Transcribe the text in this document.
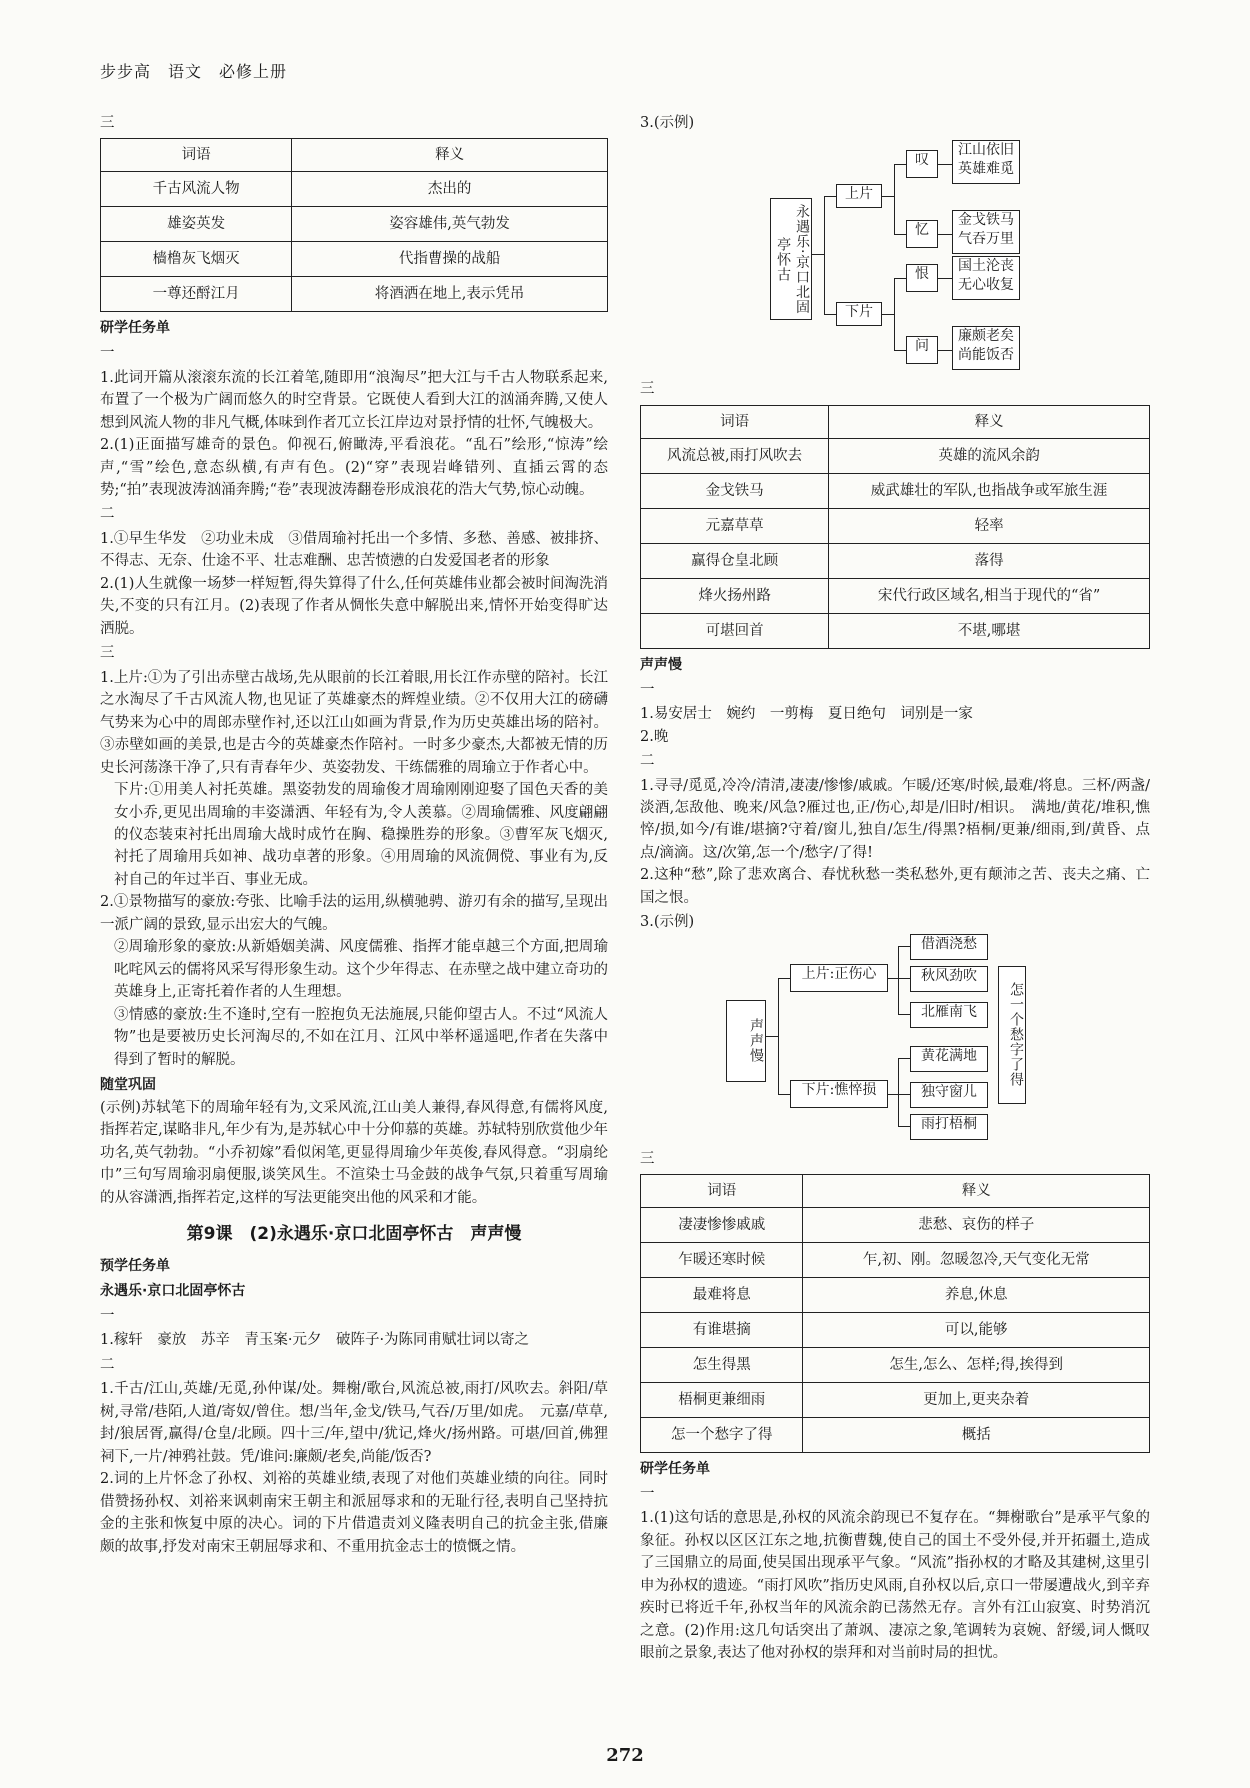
步步高　语文　必修上册
三
词语	释义
千古风流人物	杰出的
雄姿英发	姿容雄伟,英气勃发
樯橹灰飞烟灭	代指曹操的战船
一尊还酹江月	将酒洒在地上,表示凭吊
研学任务单
一

1.此词开篇从滚滚东流的长江着笔,随即用“浪淘尽”把大江与千古人物联系起来,布置了一个极为广阔而悠久的时空背景。它既使人看到大江的汹涌奔腾,又使人想到风流人物的非凡气概,体味到作者兀立长江岸边对景抒情的壮怀,气魄极大。

2.(1)正面描写雄奇的景色。仰视石,俯瞰涛,平看浪花。“乱石”绘形,“惊涛”绘声,“雪”绘色,意态纵横,有声有色。(2)“穿”表现岩峰错列、直插云霄的态势;“拍”表现波涛汹涌奔腾;“卷”表现波涛翻卷形成浪花的浩大气势,惊心动魄。

二

1.①早生华发　②功业未成　③借周瑜衬托出一个多情、多愁、善感、被排挤、不得志、无奈、仕途不平、壮志难酬、忠苦愤懑的白发爱国老者的形象

2.(1)人生就像一场梦一样短暂,得失算得了什么,任何英雄伟业都会被时间淘洗消失,不变的只有江月。(2)表现了作者从惆怅失意中解脱出来,情怀开始变得旷达洒脱。

三

1.上片:①为了引出赤壁古战场,先从眼前的长江着眼,用长江作赤壁的陪衬。长江之水淘尽了千古风流人物,也见证了英雄豪杰的辉煌业绩。②不仅用大江的磅礴气势来为心中的周郎赤壁作衬,还以江山如画为背景,作为历史英雄出场的陪衬。③赤壁如画的美景,也是古今的英雄豪杰作陪衬。一时多少豪杰,大都被无情的历史长河荡涤干净了,只有青春年少、英姿勃发、干练儒雅的周瑜立于作者心中。

下片:①用美人衬托英雄。黑姿勃发的周瑜俊才周瑜刚刚迎娶了国色天香的美女小乔,更见出周瑜的丰姿潇洒、年轻有为,令人羡慕。②周瑜儒雅、风度翩翩的仪态装束衬托出周瑜大战时成竹在胸、稳操胜券的形象。③曹军灰飞烟灭,衬托了周瑜用兵如神、战功卓著的形象。④用周瑜的风流倜傥、事业有为,反衬自己的年过半百、事业无成。

2.①景物描写的豪放:夸张、比喻手法的运用,纵横驰骋、游刃有余的描写,呈现出一派广阔的景致,显示出宏大的气魄。

②周瑜形象的豪放:从新婚姻美满、风度儒雅、指挥才能卓越三个方面,把周瑜叱咤风云的儒将风采写得形象生动。这个少年得志、在赤壁之战中建立奇功的英雄身上,正寄托着作者的人生理想。

③情感的豪放:生不逢时,空有一腔抱负无法施展,只能仰望古人。不过“风流人物”也是要被历史长河淘尽的,不如在江月、江风中举杯遥遥吧,作者在失落中得到了暂时的解脱。

随堂巩固

(示例)苏轼笔下的周瑜年轻有为,文采风流,江山美人兼得,春风得意,有儒将风度,指挥若定,谋略非凡,年少有为,是苏轼心中十分仰慕的英雄。苏轼特别欣赏他少年功名,英气勃勃。“小乔初嫁”看似闲笔,更显得周瑜少年英俊,春风得意。“羽扇纶巾”三句写周瑜羽扇便服,谈笑风生。不渲染士马金鼓的战争气氛,只着重写周瑜的从容潇洒,指挥若定,这样的写法更能突出他的风采和才能。

第9课　(2)永遇乐·京口北固亭怀古　声声慢
预学任务单
永遇乐·京口北固亭怀古
一

1.稼轩　豪放　苏辛　青玉案·元夕　破阵子·为陈同甫赋壮词以寄之

二

1.千古/江山,英雄/无觅,孙仲谋/处。舞榭/歌台,风流总被,雨打/风吹去。斜阳/草树,寻常/巷陌,人道/寄奴/曾住。想/当年,金戈/铁马,气吞/万里/如虎。　元嘉/草草,封/狼居胥,赢得/仓皇/北顾。四十三/年,望中/犹记,烽火/扬州路。可堪/回首,佛狸祠下,一片/神鸦社鼓。凭/谁问:廉颇/老矣,尚能/饭否?

2.词的上片怀念了孙权、刘裕的英雄业绩,表现了对他们英雄业绩的向往。同时借赞扬孙权、刘裕来讽刺南宋王朝主和派屈辱求和的无耻行径,表明自己坚持抗金的主张和恢复中原的决心。词的下片借遣责刘义隆表明自己的抗金主张,借廉颇的故事,抒发对南宋王朝屈辱求和、不重用抗金志士的愤慨之情。

3.(示例)
永遇乐·京口北固亭怀古
上片
下片
叹
忆
恨
问
江山依旧 英雄难觅
金戈铁马 气吞万里
国土沦丧 无心收复
廉颇老矣 尚能饭否
三
词语	释义
风流总被,雨打风吹去	英雄的流风余韵
金戈铁马	威武雄壮的军队,也指战争或军旅生涯
元嘉草草	轻率
赢得仓皇北顾	落得
烽火扬州路	宋代行政区域名,相当于现代的“省”
可堪回首	不堪,哪堪
声声慢
一

1.易安居士　婉约　一剪梅　夏日绝句　词别是一家

2.晚

二

1.寻寻/觅觅,冷冷/清清,凄凄/惨惨/戚戚。乍暖/还寒/时候,最难/将息。三杯/两盏/淡酒,怎敌他、晚来/风急?雁过也,正/伤心,却是/旧时/相识。　满地/黄花/堆积,憔悴/损,如今/有谁/堪摘?守着/窗儿,独自/怎生/得黑?梧桐/更兼/细雨,到/黄昏、点点/滴滴。这/次第,怎一个/愁字/了得!

2.这种“愁”,除了悲欢离合、春忧秋愁一类私愁外,更有颠沛之苦、丧夫之痛、亡国之恨。

3.(示例)
声声慢
上片:正伤心
下片:憔悴损
借酒浇愁
秋风劲吹
北雁南飞
黄花满地
独守窗儿
雨打梧桐
怎一个愁字了得
三
词语	释义
凄凄惨惨戚戚	悲愁、哀伤的样子
乍暖还寒时候	乍,初、刚。忽暖忽冷,天气变化无常
最难将息	养息,休息
有谁堪摘	可以,能够
怎生得黑	怎生,怎么、怎样;得,挨得到
梧桐更兼细雨	更加上,更夹杂着
怎一个愁字了得	概括
研学任务单
一

1.(1)这句话的意思是,孙权的风流余韵现已不复存在。“舞榭歌台”是承平气象的象征。孙权以区区江东之地,抗衡曹魏,使自己的国土不受外侵,并开拓疆土,造成了三国鼎立的局面,使吴国出现承平气象。“风流”指孙权的才略及其建树,这里引申为孙权的遗迹。“雨打风吹”指历史风雨,自孙权以后,京口一带屡遭战火,到辛弃疾时已将近千年,孙权当年的风流余韵已荡然无存。言外有江山寂寞、时势消沉之意。(2)作用:这几句话突出了萧飒、凄凉之象,笔调转为哀婉、舒缓,词人慨叹眼前之景象,表达了他对孙权的崇拜和对当前时局的担忧。

272
